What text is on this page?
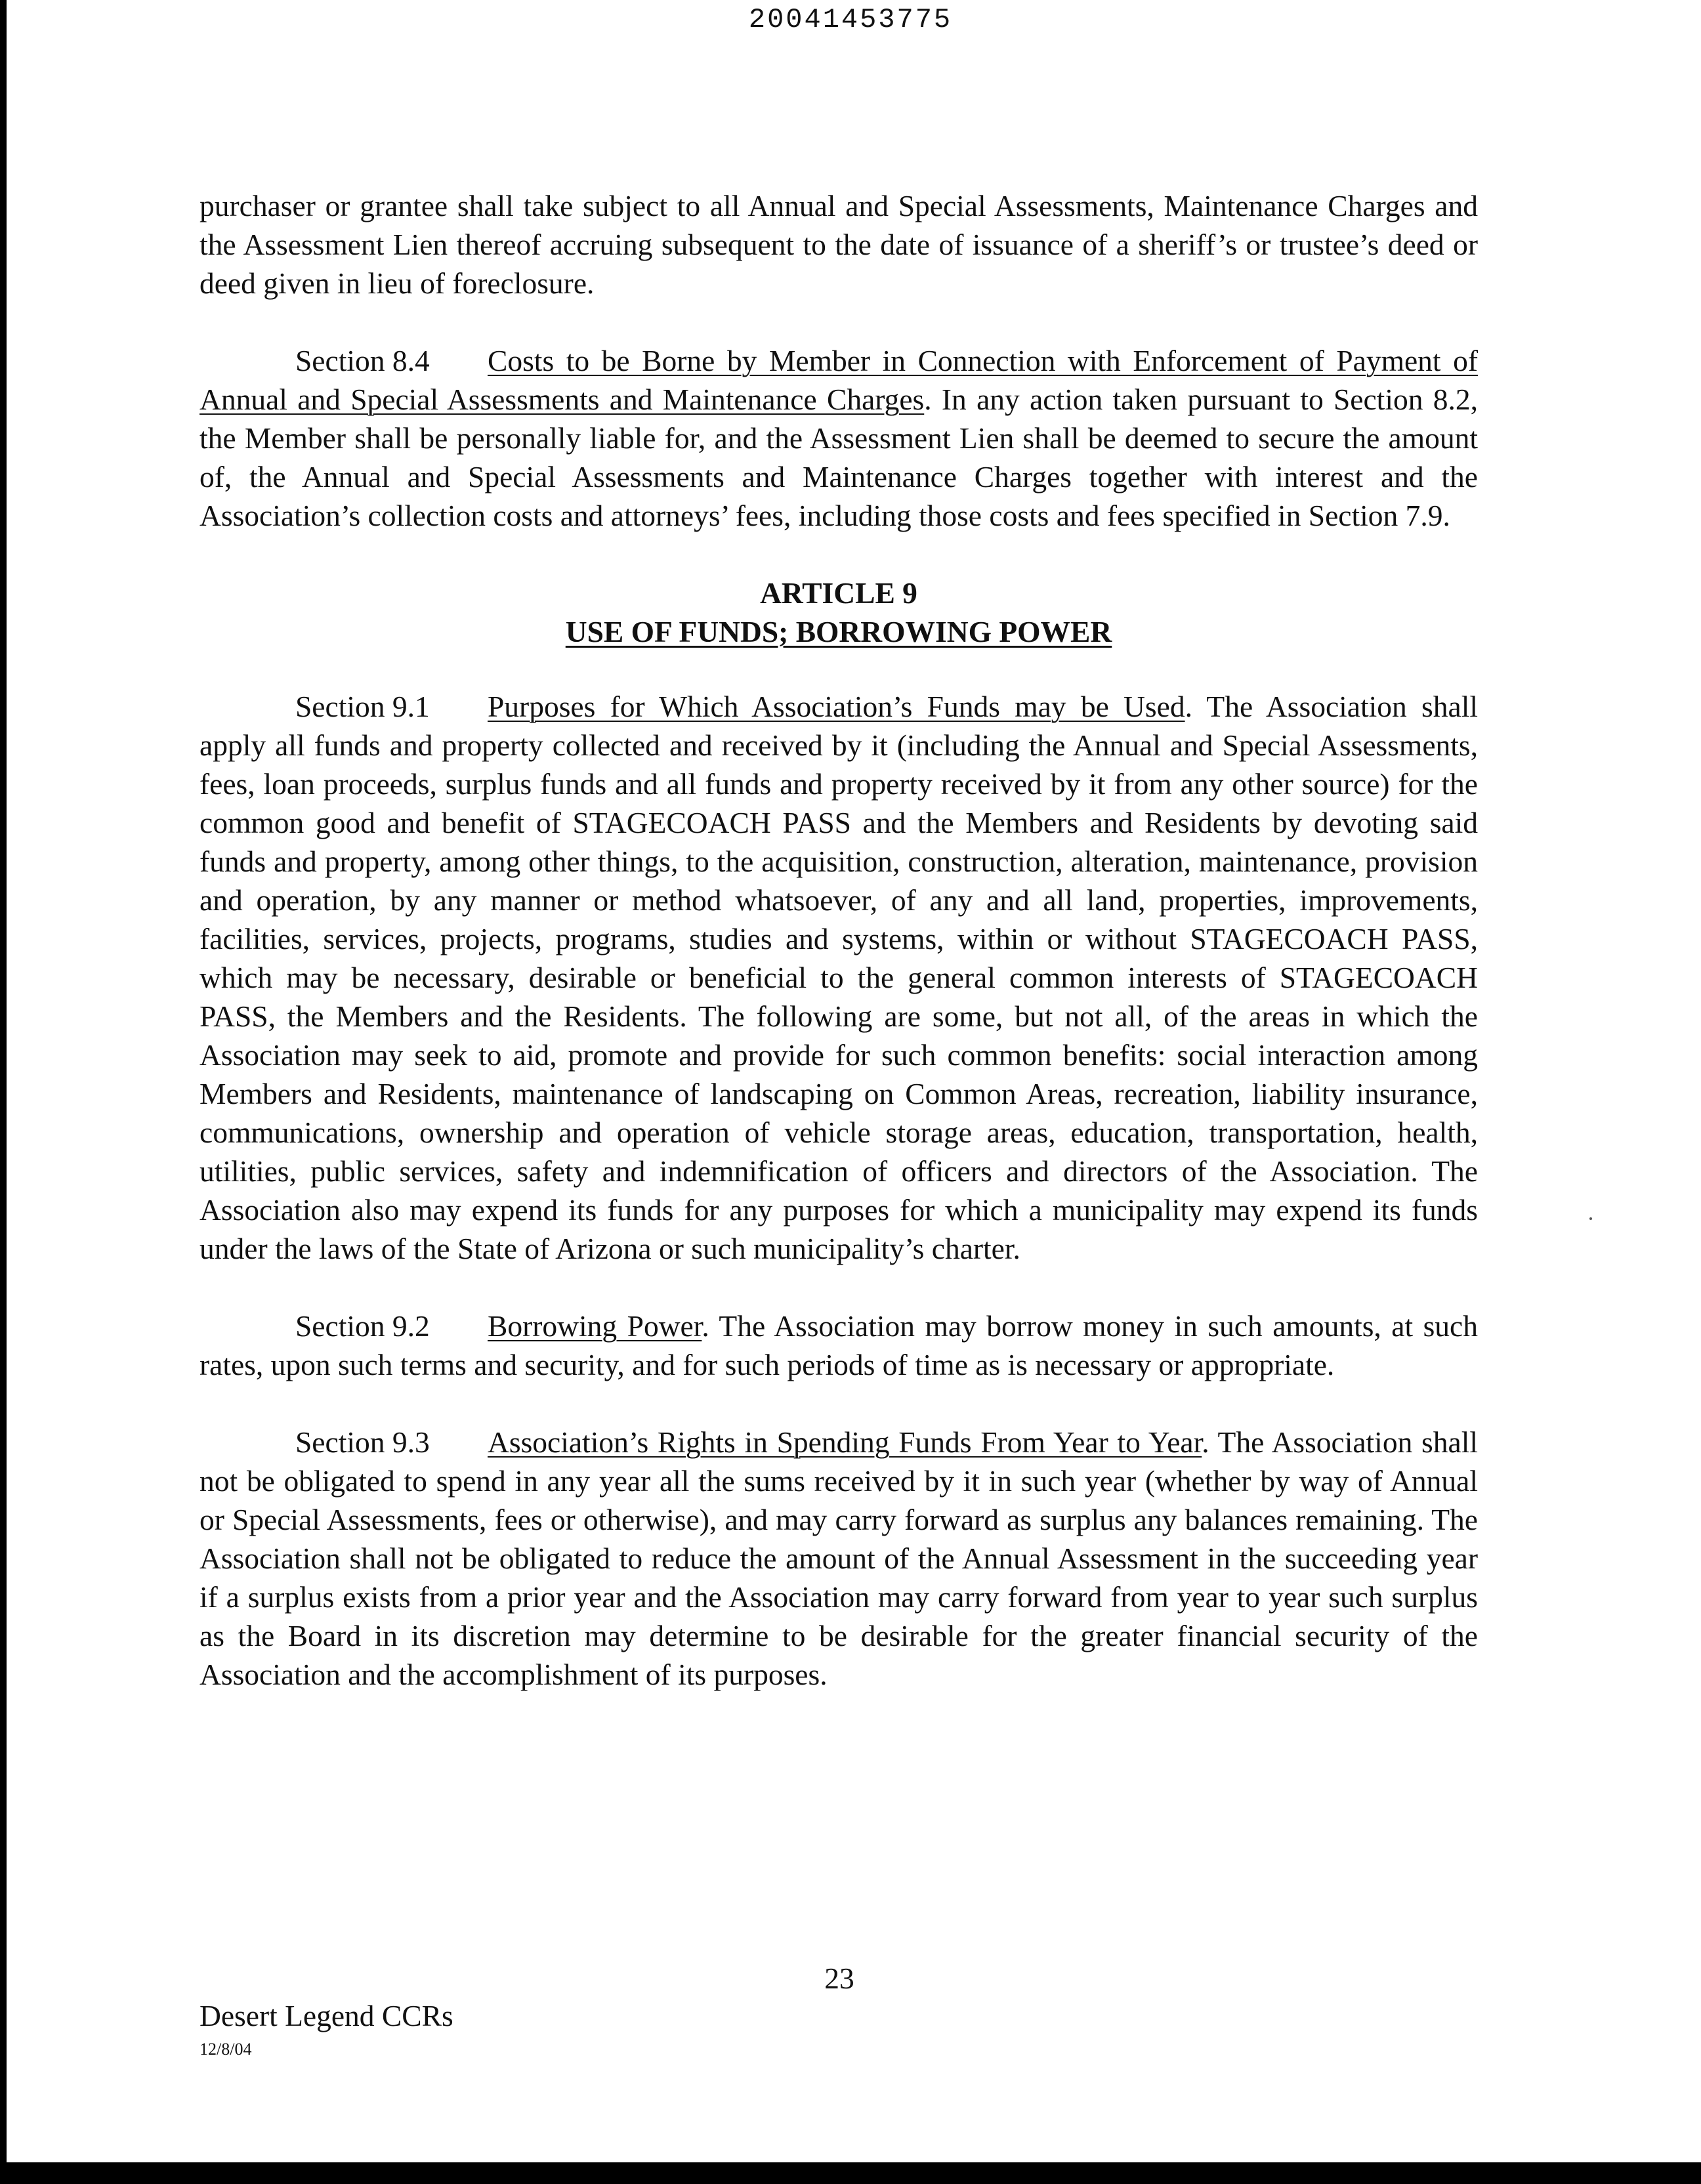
20041453775

purchaser or grantee shall take subject to all Annual and Special Assessments, Maintenance Charges and the Assessment Lien thereof accruing subsequent to the date of issuance of a sheriff’s or trustee’s deed or deed given in lieu of foreclosure.

Section 8.4 Costs to be Borne by Member in Connection with Enforcement of Payment of Annual and Special Assessments and Maintenance Charges. In any action taken pursuant to Section 8.2, the Member shall be personally liable for, and the Assessment Lien shall be deemed to secure the amount of, the Annual and Special Assessments and Maintenance Charges together with interest and the Association’s collection costs and attorneys’ fees, including those costs and fees specified in Section 7.9.

ARTICLE 9

USE OF FUNDS; BORROWING POWER

Section 9.1 Purposes for Which Association’s Funds may be Used. The Association shall apply all funds and property collected and received by it (including the Annual and Special Assessments, fees, loan proceeds, surplus funds and all funds and property received by it from any other source) for the common good and benefit of STAGECOACH PASS and the Members and Residents by devoting said funds and property, among other things, to the acquisition, construction, alteration, maintenance, provision and operation, by any manner or method whatsoever, of any and all land, properties, improvements, facilities, services, projects, programs, studies and systems, within or without STAGECOACH PASS, which may be necessary, desirable or beneficial to the general common interests of STAGECOACH PASS, the Members and the Residents. The following are some, but not all, of the areas in which the Association may seek to aid, promote and provide for such common benefits: social interaction among Members and Residents, maintenance of landscaping on Common Areas, recreation, liability insurance, communications, ownership and operation of vehicle storage areas, education, transportation, health, utilities, public services, safety and indemnification of officers and directors of the Association. The Association also may expend its funds for any purposes for which a municipality may expend its funds under the laws of the State of Arizona or such municipality’s charter.

Section 9.2 Borrowing Power. The Association may borrow money in such amounts, at such rates, upon such terms and security, and for such periods of time as is necessary or appropriate.

Section 9.3 Association’s Rights in Spending Funds From Year to Year. The Association shall not be obligated to spend in any year all the sums received by it in such year (whether by way of Annual or Special Assessments, fees or otherwise), and may carry forward as surplus any balances remaining. The Association shall not be obligated to reduce the amount of the Annual Assessment in the succeeding year if a surplus exists from a prior year and the Association may carry forward from year to year such surplus as the Board in its discretion may determine to be desirable for the greater financial security of the Association and the accomplishment of its purposes.

23
Desert Legend CCRs
12/8/04
